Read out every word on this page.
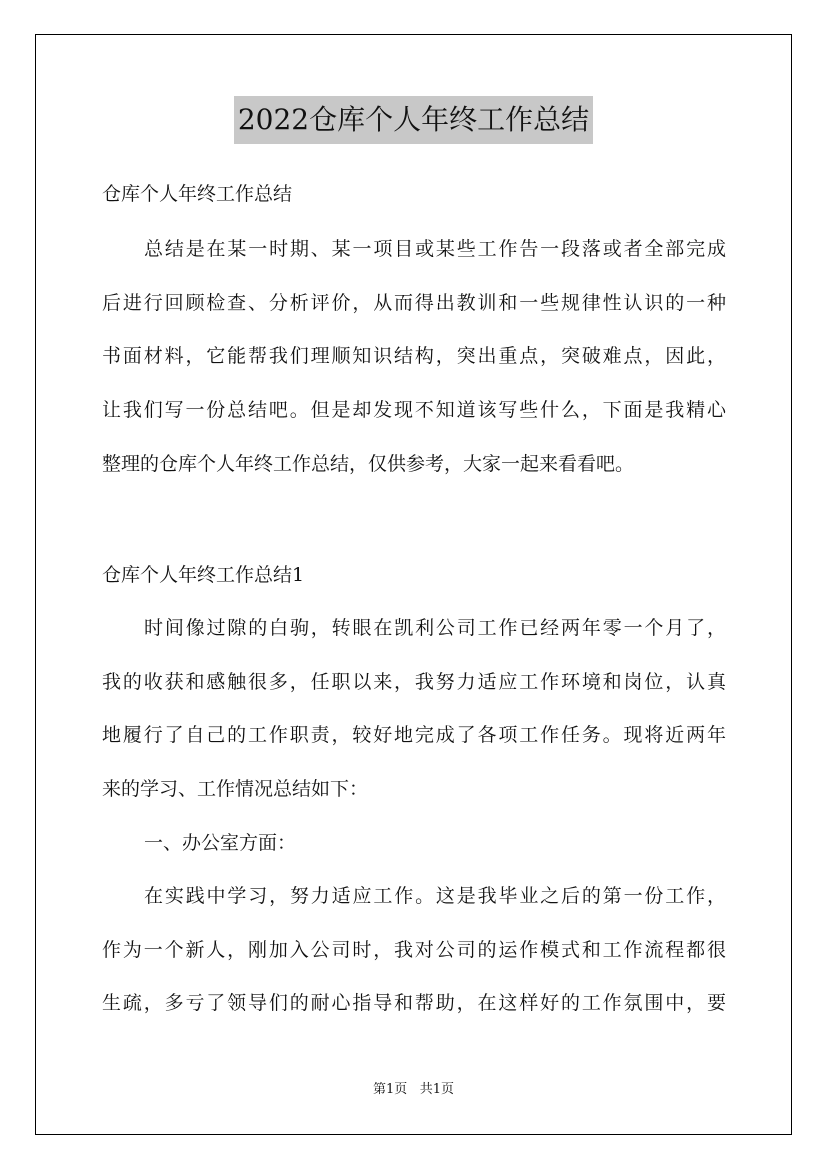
2022仓库个人年终工作总结
仓库个人年终工作总结
总结是在某一时期、某一项目或某些工作告一段落或者全部完成
后进行回顾检查、分析评价，从而得出教训和一些规律性认识的一种
书面材料，它能帮我们理顺知识结构，突出重点，突破难点，因此，
让我们写一份总结吧。但是却发现不知道该写些什么，下面是我精心
整理的仓库个人年终工作总结，仅供参考，大家一起来看看吧。
仓库个人年终工作总结1
时间像过隙的白驹，转眼在凯利公司工作已经两年零一个月了，
我的收获和感触很多，任职以来，我努力适应工作环境和岗位，认真
地履行了自己的工作职责，较好地完成了各项工作任务。现将近两年
来的学习、工作情况总结如下：
一、办公室方面：
在实践中学习，努力适应工作。这是我毕业之后的第一份工作，
作为一个新人，刚加入公司时，我对公司的运作模式和工作流程都很
生疏，多亏了领导们的耐心指导和帮助，在这样好的工作氛围中，要
第1页 共1页
